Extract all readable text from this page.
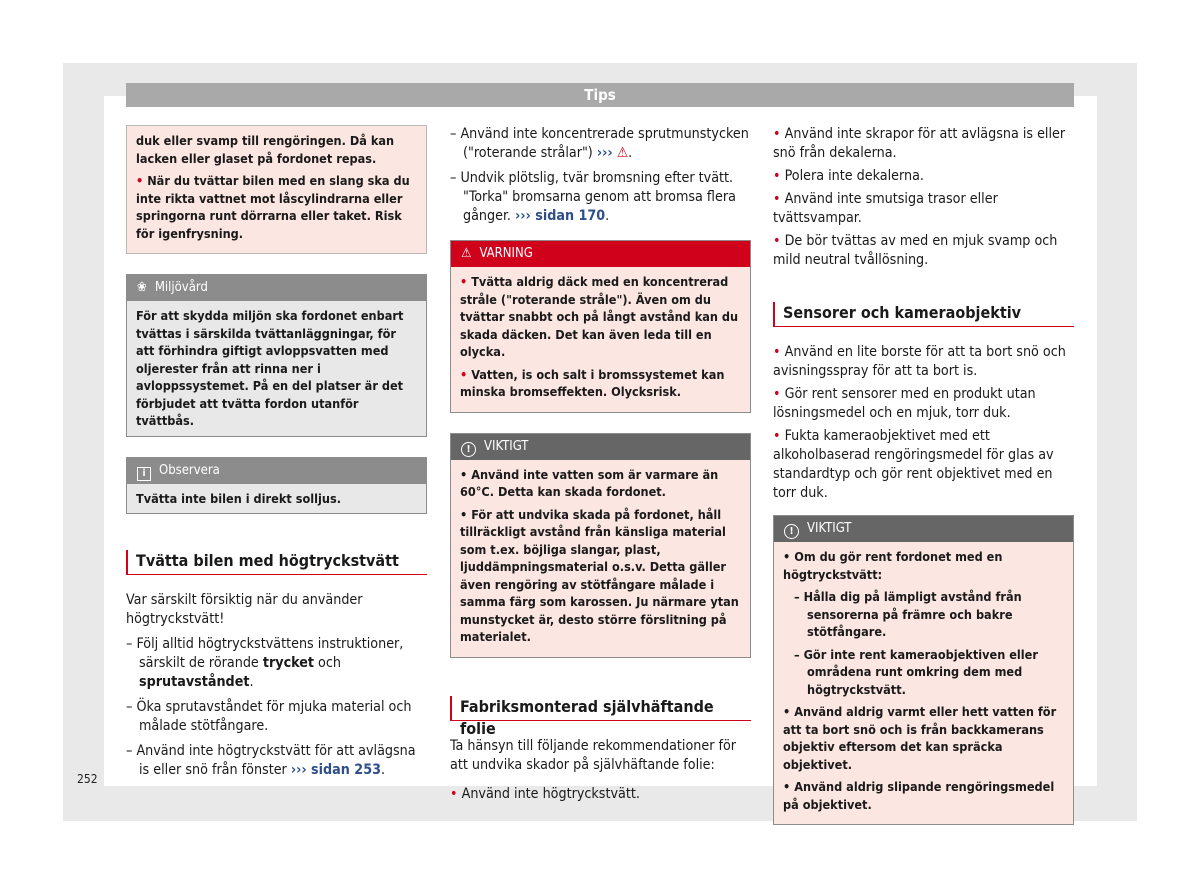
Tips
duk eller svamp till rengöringen. Då kan lacken eller glaset på fordonet repas.
• När du tvättar bilen med en slang ska du inte rikta vattnet mot låscylindrarna eller springorna runt dörrarna eller taket. Risk för igenfrysning.
❀ Miljövård
För att skydda miljön ska fordonet enbart tvättas i särskilda tvättanläggningar, för att förhindra giftigt avloppsvatten med oljerester från att rinna ner i avloppssystemet. På en del platser är det förbjudet att tvätta fordon utanför tvättbås.
i Observera
Tvätta inte bilen i direkt solljus.
Tvätta bilen med högtryckstvätt
Var särskilt försiktig när du använder högtryckstvätt!
– Följ alltid högtryckstvättens instruktioner, särskilt de rörande trycket och sprutavståndet.
– Öka sprutavståndet för mjuka material och målade stötfångare.
– Använd inte högtryckstvätt för att avlägsna is eller snö från fönster ››› sidan 253.
– Använd inte koncentrerade sprutmunstycken ("roterande strålar") ››› ⚠.
– Undvik plötslig, tvär bromsning efter tvätt. "Torka" bromsarna genom att bromsa flera gånger. ››› sidan 170.
⚠ VARNING
• Tvätta aldrig däck med en koncentrerad stråle ("roterande stråle"). Även om du tvättar snabbt och på långt avstånd kan du skada däcken. Det kan även leda till en olycka.
• Vatten, is och salt i bromssystemet kan minska bromseffekten. Olycksrisk.
! VIKTIGT
• Använd inte vatten som är varmare än 60°C. Detta kan skada fordonet.
• För att undvika skada på fordonet, håll tillräckligt avstånd från känsliga material som t.ex. böjliga slangar, plast, ljuddämpningsmaterial o.s.v. Detta gäller även rengöring av stötfångare målade i samma färg som karossen. Ju närmare ytan munstycket är, desto större förslitning på materialet.
Fabriksmonterad självhäftande folie
Ta hänsyn till följande rekommendationer för att undvika skador på självhäftande folie:
• Använd inte högtryckstvätt.
• Använd inte skrapor för att avlägsna is eller snö från dekalerna.
• Polera inte dekalerna.
• Använd inte smutsiga trasor eller tvättsvampar.
• De bör tvättas av med en mjuk svamp och mild neutral tvållösning.
Sensorer och kameraobjektiv
• Använd en lite borste för att ta bort snö och avisningsspray för att ta bort is.
• Gör rent sensorer med en produkt utan lösningsmedel och en mjuk, torr duk.
• Fukta kameraobjektivet med ett alkoholbaserad rengöringsmedel för glas av standardtyp och gör rent objektivet med en torr duk.
! VIKTIGT
• Om du gör rent fordonet med en högtryckstvätt:
– Hålla dig på lämpligt avstånd från sensorerna på främre och bakre stötfångare.
– Gör inte rent kameraobjektiven eller områdena runt omkring dem med högtryckstvätt.
• Använd aldrig varmt eller hett vatten för att ta bort snö och is från backkamerans objektiv eftersom det kan spräcka objektivet.
• Använd aldrig slipande rengöringsmedel på objektivet.
252
